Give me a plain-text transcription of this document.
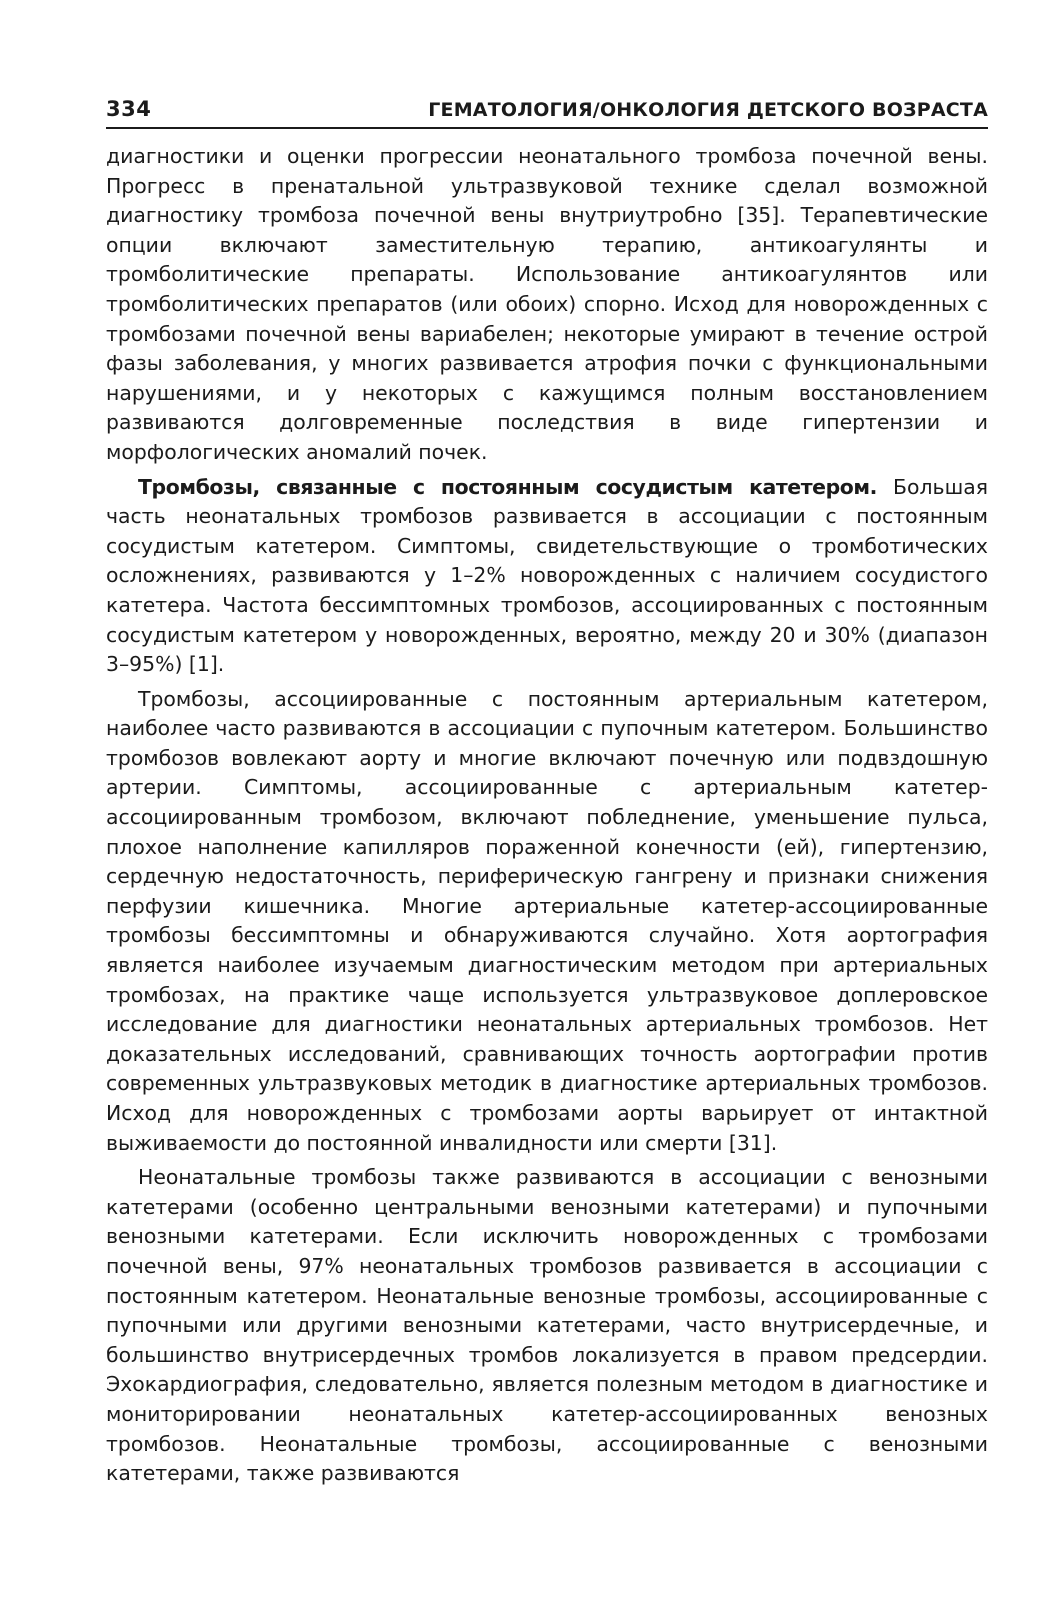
334	ГЕМАТОЛОГИЯ/ОНКОЛОГИЯ ДЕТСКОГО ВОЗРАСТА

диагностики и оценки прогрессии неонатального тромбоза почечной вены. Прогресс в пренатальной ультразвуковой технике сделал возможной диагностику тромбоза почечной вены внутриутробно [35]. Терапевтические опции включают заместительную терапию, антикоагулянты и тромболитические препараты. Использование антикоагулянтов или тромболитических препаратов (или обоих) спорно. Исход для новорожденных с тромбозами почечной вены вариабелен; некоторые умирают в течение острой фазы заболевания, у многих развивается атрофия почки с функциональными нарушениями, и у некоторых с кажущимся полным восстановлением развиваются долговременные последствия в виде гипертензии и морфологических аномалий почек.

Тромбозы, связанные с постоянным сосудистым катетером. Большая часть неонатальных тромбозов развивается в ассоциации с постоянным сосудистым катетером. Симптомы, свидетельствующие о тромботических осложнениях, развиваются у 1–2% новорожденных с наличием сосудистого катетера. Частота бессимптомных тромбозов, ассоциированных с постоянным сосудистым катетером у новорожденных, вероятно, между 20 и 30% (диапазон 3–95%) [1].

Тромбозы, ассоциированные с постоянным артериальным катетером, наиболее часто развиваются в ассоциации с пупочным катетером. Большинство тромбозов вовлекают аорту и многие включают почечную или подвздошную артерии. Симптомы, ассоциированные с артериальным катетер-ассоциированным тромбозом, включают побледнение, уменьшение пульса, плохое наполнение капилляров пораженной конечности (ей), гипертензию, сердечную недостаточность, периферическую гангрену и признаки снижения перфузии кишечника. Многие артериальные катетер-ассоциированные тромбозы бессимптомны и обнаруживаются случайно. Хотя аортография является наиболее изучаемым диагностическим методом при артериальных тромбозах, на практике чаще используется ультразвуковое доплеровское исследование для диагностики неонатальных артериальных тромбозов. Нет доказательных исследований, сравнивающих точность аортографии против современных ультразвуковых методик в диагностике артериальных тромбозов. Исход для новорожденных с тромбозами аорты варьирует от интактной выживаемости до постоянной инвалидности или смерти [31].

Неонатальные тромбозы также развиваются в ассоциации с венозными катетерами (особенно центральными венозными катетерами) и пупочными венозными катетерами. Если исключить новорожденных с тромбозами почечной вены, 97% неонатальных тромбозов развивается в ассоциации с постоянным катетером. Неонатальные венозные тромбозы, ассоциированные с пупочными или другими венозными катетерами, часто внутрисердечные, и большинство внутрисердечных тромбов локализуется в правом предсердии. Эхокардиография, следовательно, является полезным методом в диагностике и мониторировании неонатальных катетер-ассоциированных венозных тромбозов. Неонатальные тромбозы, ассоциированные с венозными катетерами, также развиваются
